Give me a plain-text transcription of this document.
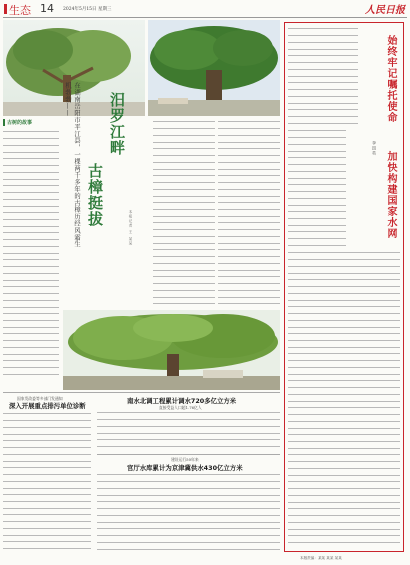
生态 14 2024年5月15日 星期三	人民日报
古树的故事	在湖南岳阳市平江县，一棵两千多年的古樟历经风霜生机勃勃——	汨罗江畔
古樟挺拔
本报记者 王 某某
始终牢记嘱托使命
加快构建国家水网
李国英
国家发改委等多部门发通知
深入开展重点排污单位诊断
南水北调工程累计调水720多亿立方米
直接受益人口超1.76亿人
建设运行50年来
官厅水库累计为京津冀供水430亿立方米
本版责编：某某 某某 某某
